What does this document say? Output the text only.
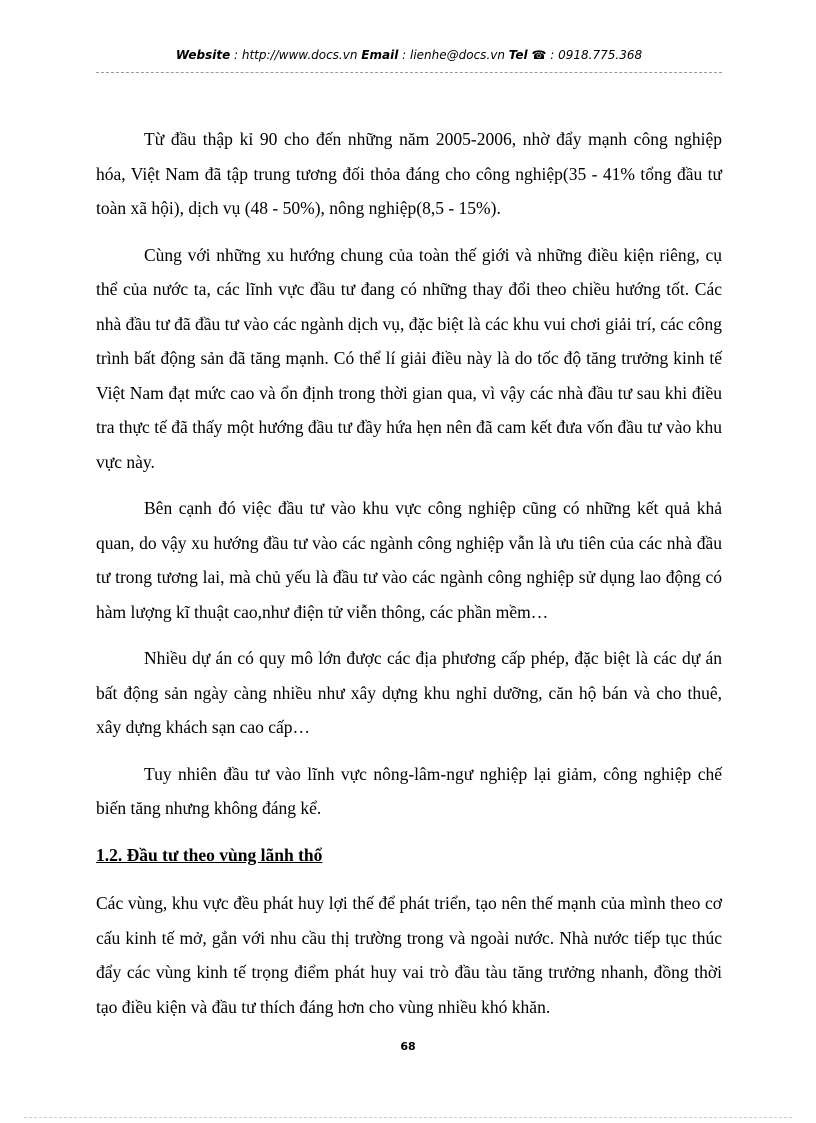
Website : http://www.docs.vn Email : lienhe@docs.vn Tel ☎ : 0918.775.368

Từ đầu thập kỉ 90 cho đến những năm 2005-2006, nhờ đẩy mạnh công nghiệp hóa, Việt Nam đã tập trung tương đối thỏa đáng cho công nghiệp(35 - 41% tổng đầu tư toàn xã hội), dịch vụ (48 - 50%), nông nghiệp(8,5 - 15%).

Cùng với những xu hướng chung của toàn thế giới và những điều kiện riêng, cụ thể của nước ta, các lĩnh vực đầu tư đang có những thay đổi theo chiều hướng tốt. Các nhà đầu tư đã đầu tư vào các ngành dịch vụ, đặc biệt là các khu vui chơi giải trí, các công trình bất động sản đã tăng mạnh. Có thể lí giải điều này là do tốc độ tăng trưởng kinh tế Việt Nam đạt mức cao và ổn định trong thời gian qua, vì vậy các nhà đầu tư sau khi điều tra thực tế đã thấy một hướng đầu tư đầy hứa hẹn nên đã cam kết đưa vốn đầu tư vào khu vực này.

Bên cạnh đó việc đầu tư vào khu vực công nghiệp cũng có những kết quả khả quan, do vậy xu hướng đầu tư vào các ngành công nghiệp vẫn là ưu tiên của các nhà đầu tư trong tương lai, mà chủ yếu là đầu tư vào các ngành công nghiệp sử dụng lao động có hàm lượng kĩ thuật cao,như điện tử viễn thông, các phần mềm…

Nhiều dự án có quy mô lớn được các địa phương cấp phép, đặc biệt là các dự án bất động sản ngày càng nhiều như xây dựng khu nghỉ dưỡng, căn hộ bán và cho thuê, xây dựng khách sạn cao cấp…

Tuy nhiên đầu tư vào lĩnh vực nông-lâm-ngư nghiệp lại giảm, công nghiệp chế biến tăng nhưng không đáng kể.

1.2. Đầu tư theo vùng lãnh thổ

Các vùng, khu vực đều phát huy lợi thế để phát triển, tạo nên thế mạnh của mình theo cơ cấu kinh tế mở, gắn với nhu cầu thị trường trong và ngoài nước. Nhà nước tiếp tục thúc đẩy các vùng kinh tế trọng điểm phát huy vai trò đầu tàu tăng trưởng nhanh, đồng thời tạo điều kiện và đầu tư thích đáng hơn cho vùng nhiều khó khăn.

68
